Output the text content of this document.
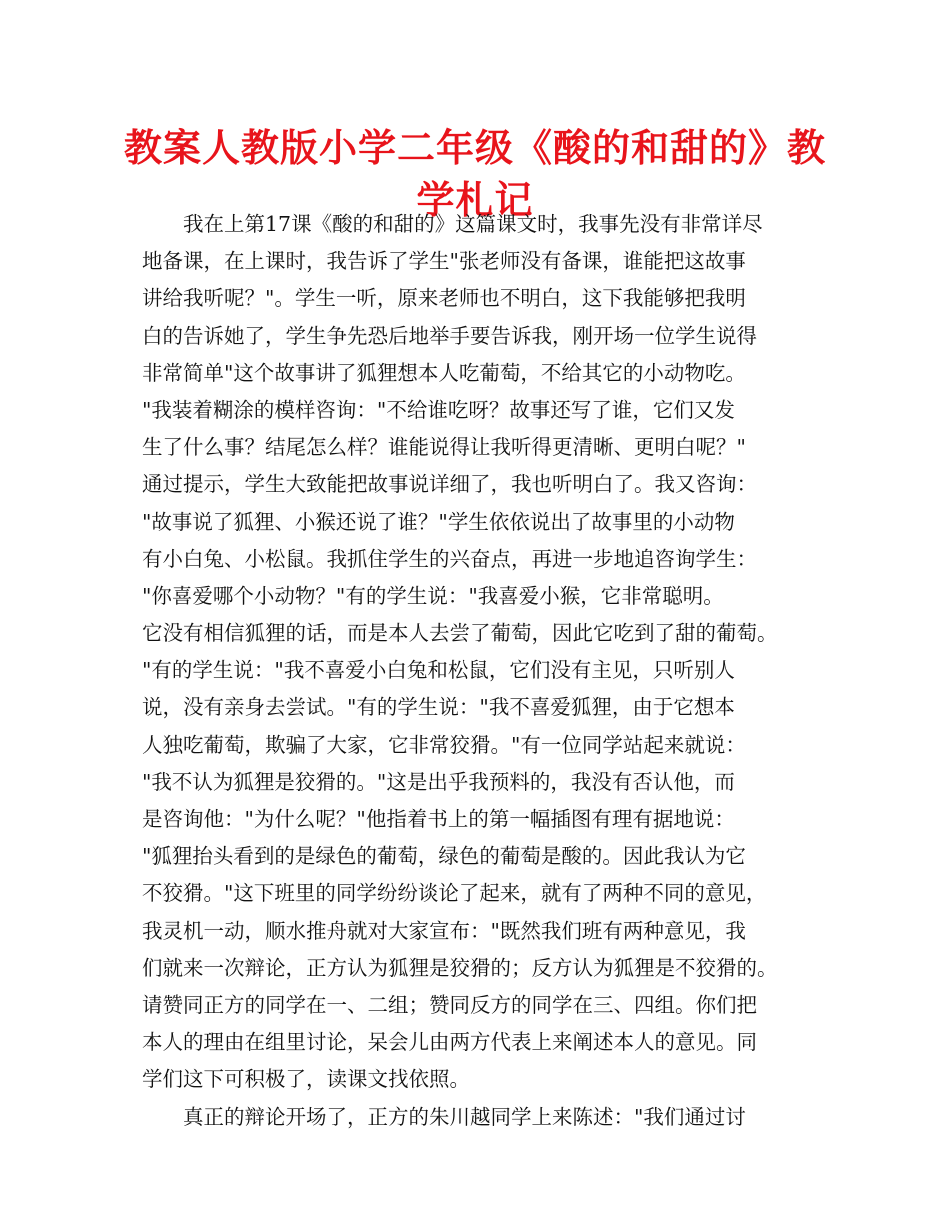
教案人教版小学二年级《酸的和甜的》教
学札记
我在上第17课《酸的和甜的》这篇课文时，我事先没有非常详尽
地备课，在上课时，我告诉了学生"张老师没有备课，谁能把这故事
讲给我听呢？"。学生一听，原来老师也不明白，这下我能够把我明
白的告诉她了，学生争先恐后地举手要告诉我，刚开场一位学生说得
非常简单"这个故事讲了狐狸想本人吃葡萄，不给其它的小动物吃。
"我装着糊涂的模样咨询："不给谁吃呀？故事还写了谁，它们又发
生了什么事？结尾怎么样？谁能说得让我听得更清晰、更明白呢？"
通过提示，学生大致能把故事说详细了，我也听明白了。我又咨询：
"故事说了狐狸、小猴还说了谁？"学生依依说出了故事里的小动物
有小白兔、小松鼠。我抓住学生的兴奋点，再进一步地追咨询学生：
"你喜爱哪个小动物？"有的学生说："我喜爱小猴，它非常聪明。
它没有相信狐狸的话，而是本人去尝了葡萄，因此它吃到了甜的葡萄。
"有的学生说："我不喜爱小白兔和松鼠，它们没有主见，只听别人
说，没有亲身去尝试。"有的学生说："我不喜爱狐狸，由于它想本
人独吃葡萄，欺骗了大家，它非常狡猾。"有一位同学站起来就说：
"我不认为狐狸是狡猾的。"这是出乎我预料的，我没有否认他，而
是咨询他："为什么呢？"他指着书上的第一幅插图有理有据地说：
"狐狸抬头看到的是绿色的葡萄，绿色的葡萄是酸的。因此我认为它
不狡猾。"这下班里的同学纷纷谈论了起来，就有了两种不同的意见，
我灵机一动，顺水推舟就对大家宣布："既然我们班有两种意见，我
们就来一次辩论，正方认为狐狸是狡猾的；反方认为狐狸是不狡猾的。
请赞同正方的同学在一、二组；赞同反方的同学在三、四组。你们把
本人的理由在组里讨论，呆会儿由两方代表上来阐述本人的意见。同
学们这下可积极了，读课文找依照。
真正的辩论开场了，正方的朱川越同学上来陈述："我们通过讨
